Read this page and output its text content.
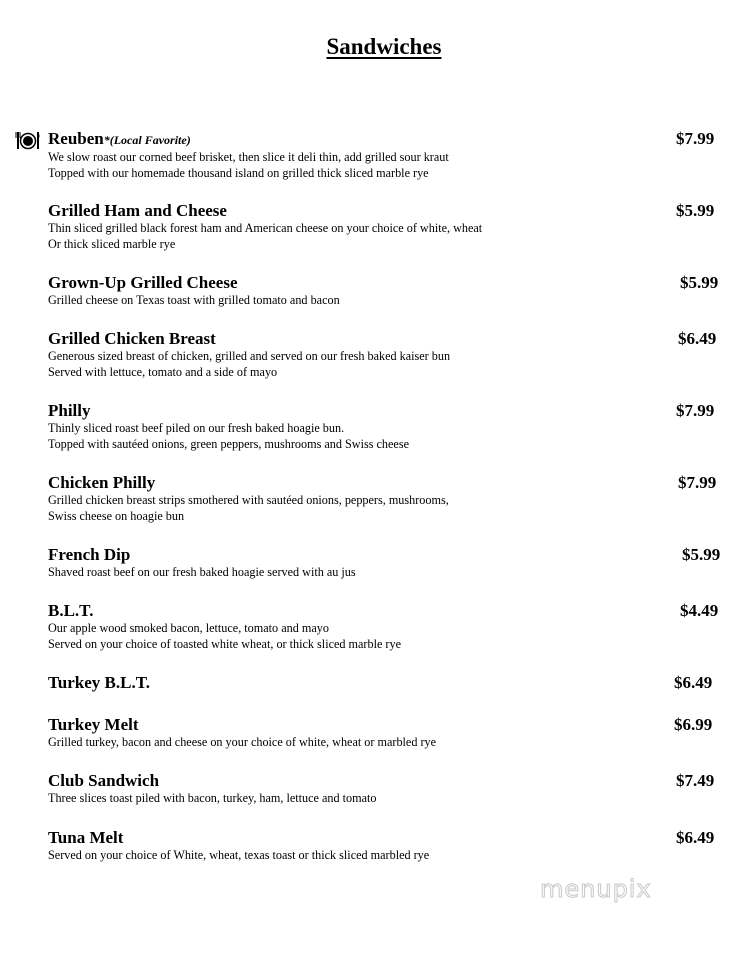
Sandwiches
Reuben*(Local Favorite)
We slow roast our corned beef brisket, then slice it deli thin, add grilled sour kraut
Topped with our homemade thousand island on grilled thick sliced marble rye
$7.99
Grilled Ham and Cheese
Thin sliced grilled black forest ham and American cheese on your choice of white, wheat
Or thick sliced marble rye
$5.99
Grown-Up Grilled Cheese
Grilled cheese on Texas toast with grilled tomato and bacon
$5.99
Grilled Chicken Breast
Generous sized breast of chicken, grilled and served on our fresh baked kaiser bun
Served with lettuce, tomato and a side of mayo
$6.49
Philly
Thinly sliced roast beef piled on our fresh baked hoagie bun.
Topped with sautéed onions, green peppers, mushrooms and Swiss cheese
$7.99
Chicken Philly
Grilled chicken breast strips smothered with sautéed onions, peppers, mushrooms,
Swiss cheese on hoagie bun
$7.99
French Dip
Shaved roast beef on our fresh baked hoagie served with au jus
$5.99
B.L.T.
Our apple wood smoked bacon, lettuce, tomato and mayo
Served on your choice of toasted white wheat, or thick sliced marble rye
$4.49
Turkey B.L.T.	$6.49
Turkey Melt
Grilled turkey, bacon and cheese on your choice of white, wheat or marbled rye
$6.99
Club Sandwich
Three slices toast piled with bacon, turkey, ham, lettuce and tomato
$7.49
Tuna Melt
Served on your choice of White, wheat, texas toast or thick sliced marbled rye
$6.49
menupix
